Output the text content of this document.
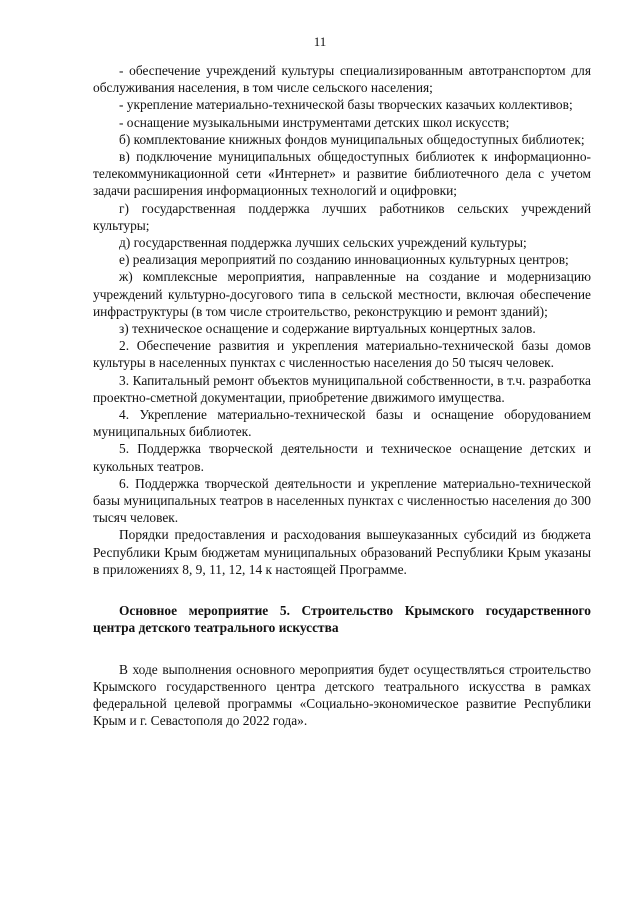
11

- обеспечение учреждений культуры специализированным автотранспортом для обслуживания населения, в том числе сельского населения;

- укрепление материально-технической базы творческих казачьих коллективов;

- оснащение музыкальными инструментами детских школ искусств;

б) комплектование книжных фондов муниципальных общедоступных библиотек;

в) подключение муниципальных общедоступных библиотек к информационно-телекоммуникационной сети «Интернет» и развитие библиотечного дела с учетом задачи расширения информационных технологий и оцифровки;

г) государственная поддержка лучших работников сельских учреждений культуры;

д) государственная поддержка лучших сельских учреждений культуры;

е) реализация мероприятий по созданию инновационных культурных центров;

ж) комплексные мероприятия, направленные на создание и модернизацию учреждений культурно-досугового типа в сельской местности, включая обеспечение инфраструктуры (в том числе строительство, реконструкцию и ремонт зданий);

з) техническое оснащение и содержание виртуальных концертных залов.

2. Обеспечение развития и укрепления материально-технической базы домов культуры в населенных пунктах с численностью населения до 50 тысяч человек.

3. Капитальный ремонт объектов муниципальной собственности, в т.ч. разработка проектно-сметной документации, приобретение движимого имущества.

4. Укрепление материально-технической базы и оснащение оборудованием муниципальных библиотек.

5. Поддержка творческой деятельности и техническое оснащение детских и кукольных театров.

6. Поддержка творческой деятельности и укрепление материально-технической базы муниципальных театров в населенных пунктах с численностью населения до 300 тысяч человек.

Порядки предоставления и расходования вышеуказанных субсидий из бюджета Республики Крым бюджетам муниципальных образований Республики Крым указаны в приложениях 8, 9, 11, 12, 14 к настоящей Программе.

Основное мероприятие 5. Строительство Крымского государственного центра детского театрального искусства

В ходе выполнения основного мероприятия будет осуществляться строительство Крымского государственного центра детского театрального искусства в рамках федеральной целевой программы «Социально-экономическое развитие Республики Крым и г. Севастополя до 2022 года».
